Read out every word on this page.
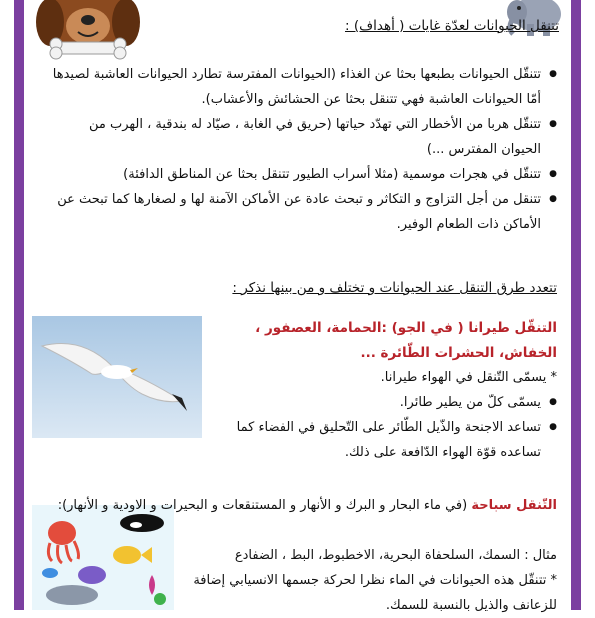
تتنقل الحيوانات لعدّة غايات ( أهداف) :
● تتنقّل الحيوانات بطبعها بحثا عن الغذاء (الحيوانات المفترسة تطارد الحيوانات العاشبة لصيدها أمّا الحيوانات العاشبة فهي تتنقل بحثا عن الحشائش والأعشاب).
● تتنقّل هربا من الأخطار التي تهدّد حياتها (حريق في الغابة ، صيّاد له بندقية ، الهرب من الحيوان المفترس ...)
● تتنقّل في هجرات موسمية (مثلا أسراب الطيور تتنقل بحثا عن المناطق الدافئة)
● تتنقل من أجل التزاوج و التكاثر و تبحث عادة عن الأماكن الآمنة لها و لصغارها كما تبحث عن الأماكن ذات الطعام الوفير.
تتعدد طرق التنقل عند الحيوانات و تختلف و من بينها نذكر :
التنقّل طيرانا ( في الجو) :الحمامة، العصفور ، الخفاش، الحشرات الطّائرة ...
* يسمّى التّنقل في الهواء طيرانا.
● يسمّى كلّ من يطير طائرا.
● تساعد الاجنحة والذّيل الطّائر على التّحليق في الفضاء كما تساعده قوّة الهواء الدّافعة على ذلك.
التّنقل سباحة (في ماء البحار و البرك و الأنهار و المستنقعات و البحيرات و الاودية و الأنهار):
مثال : السمك، السلحفاة البحرية، الاخطبوط، البط ، الضفادع
* تتنقّل هذه الحيوانات في الماء نظرا لحركة جسمها الانسيابي إضافة للزعانف والذيل بالنسبة للسمك.
